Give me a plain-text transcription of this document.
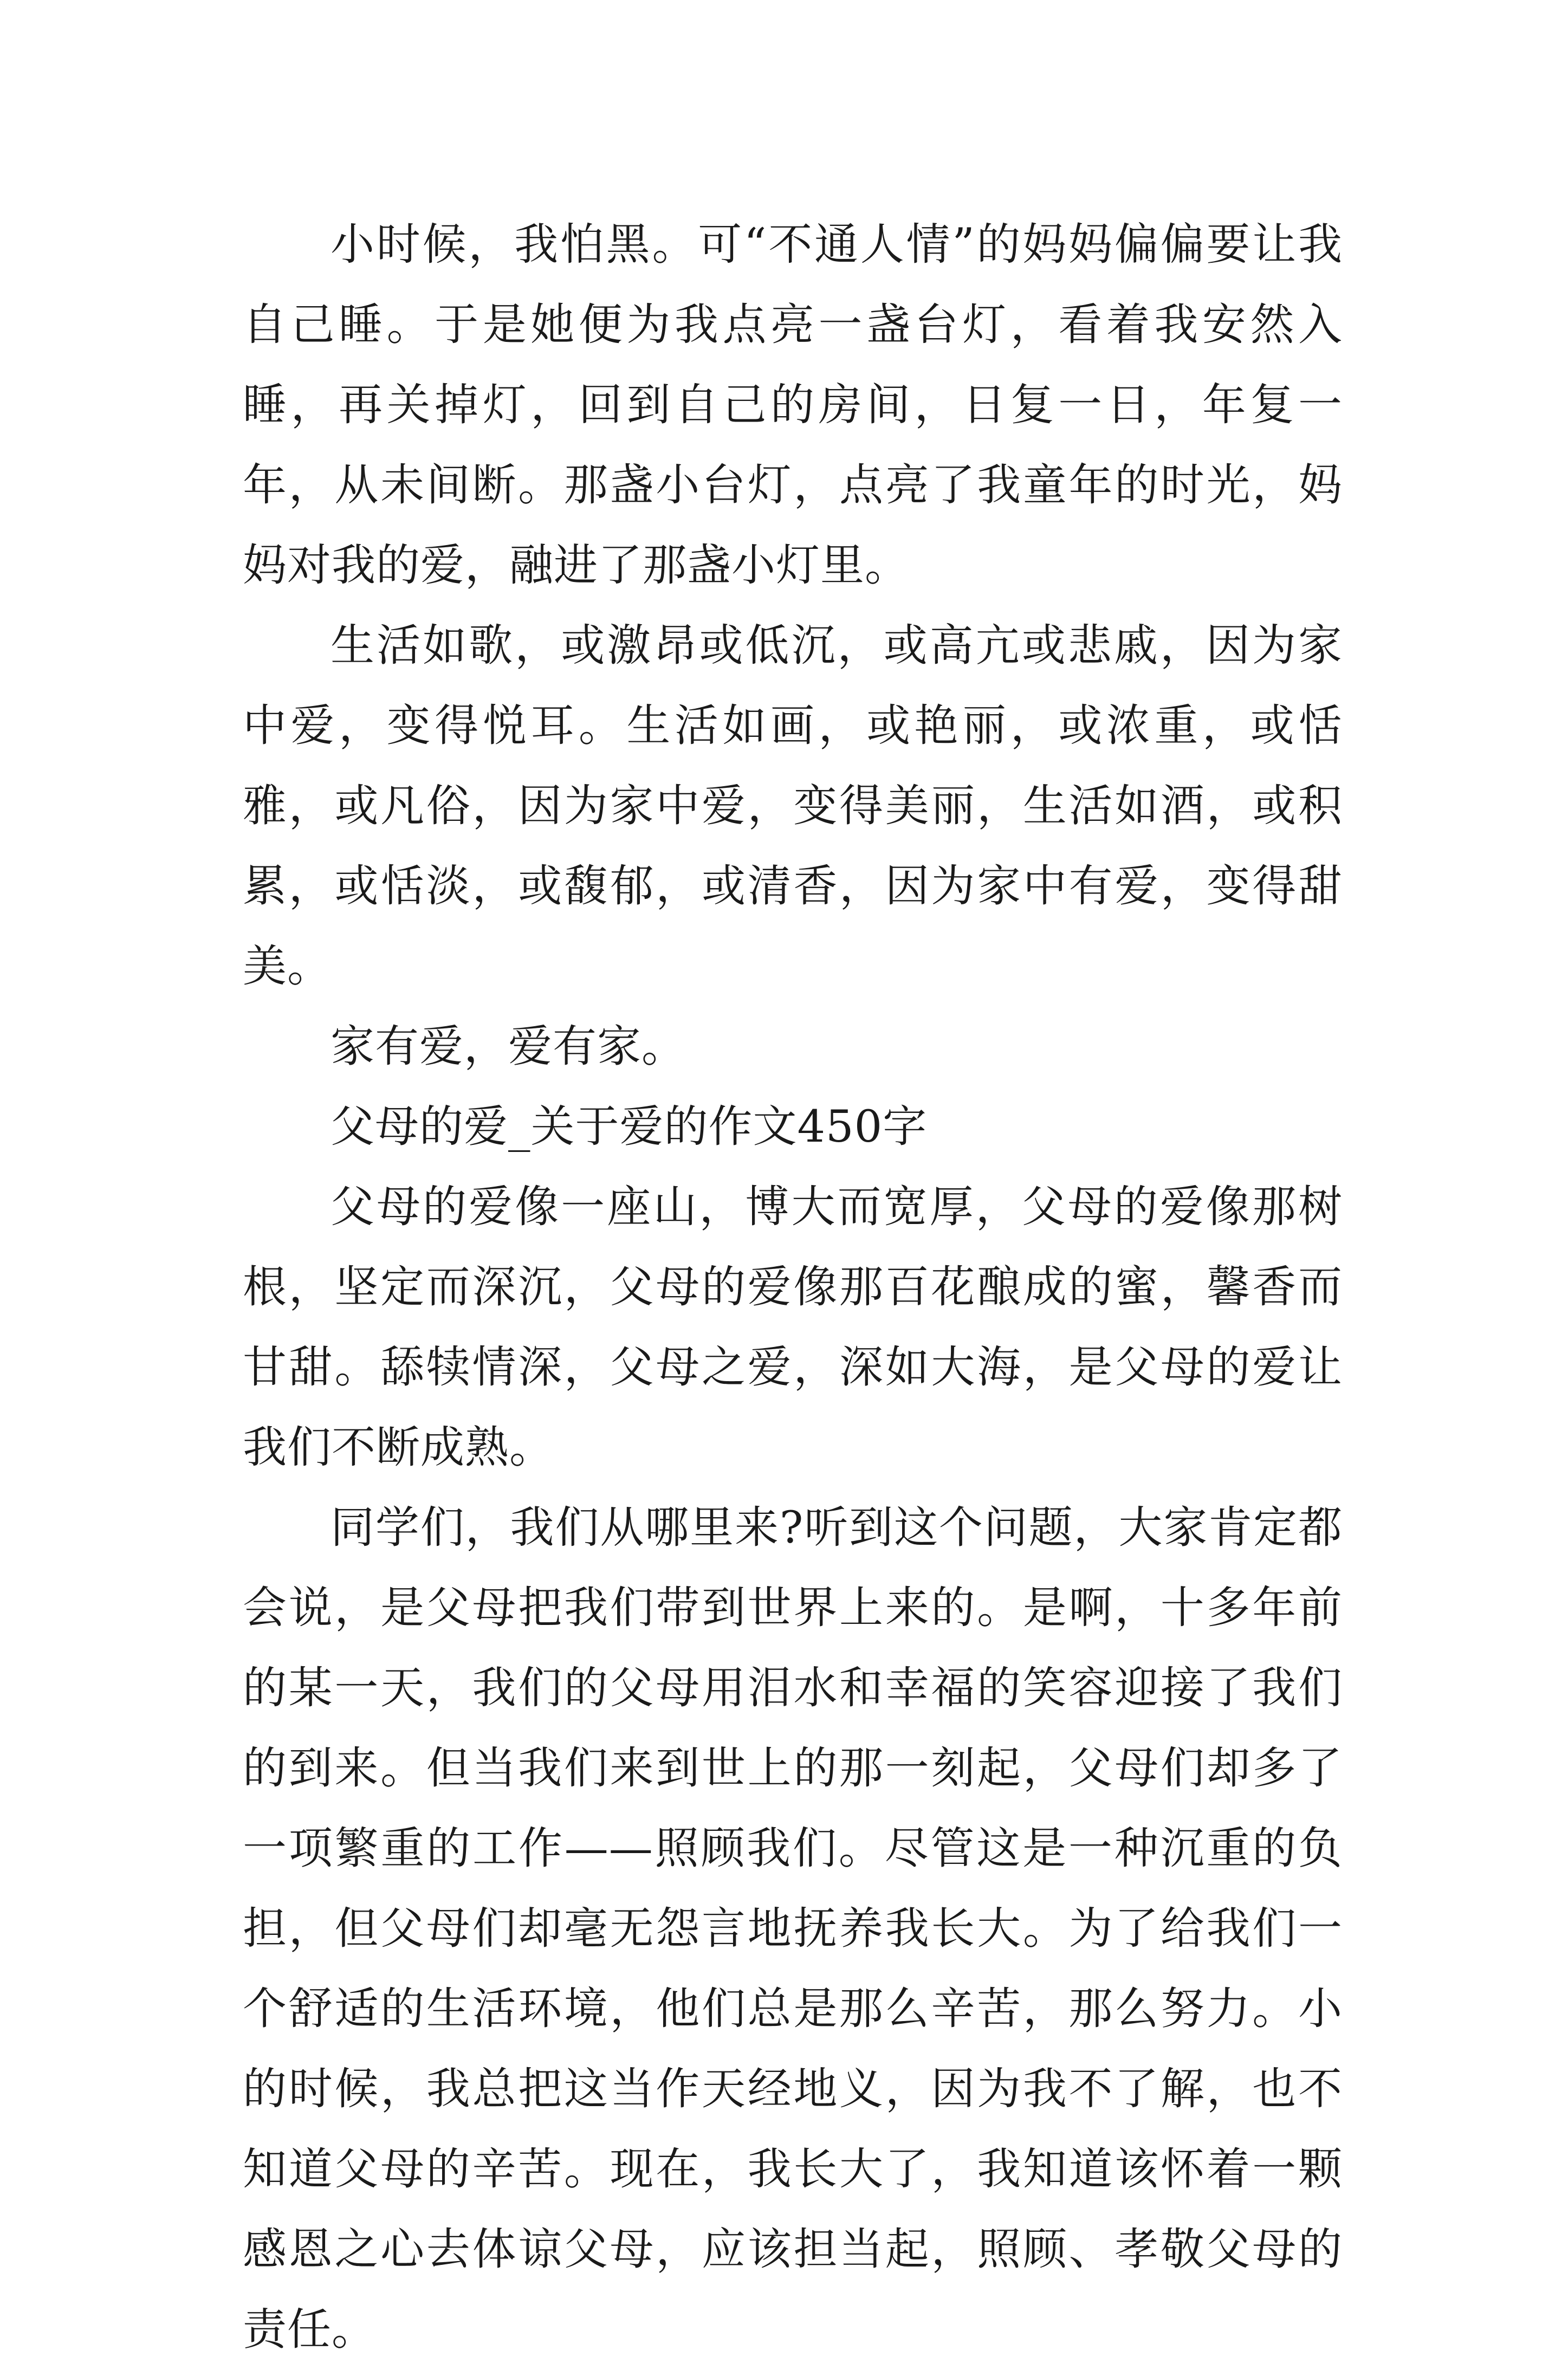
小时候，我怕黑。可“不通人情”的妈妈偏偏要让我自己睡。于是她便为我点亮一盏台灯，看着我安然入睡，再关掉灯，回到自己的房间，日复一日，年复一年，从未间断。那盏小台灯，点亮了我童年的时光，妈妈对我的爱，融进了那盏小灯里。

生活如歌，或激昂或低沉，或高亢或悲戚，因为家中爱，变得悦耳。生活如画，或艳丽，或浓重，或恬雅，或凡俗，因为家中爱，变得美丽，生活如酒，或积累，或恬淡，或馥郁，或清香，因为家中有爱，变得甜美。

家有爱，爱有家。

父母的爱_关于爱的作文450字

父母的爱像一座山，博大而宽厚，父母的爱像那树根，坚定而深沉，父母的爱像那百花酿成的蜜，馨香而甘甜。舔犊情深，父母之爱，深如大海，是父母的爱让我们不断成熟。

同学们，我们从哪里来?听到这个问题，大家肯定都会说，是父母把我们带到世界上来的。是啊，十多年前的某一天，我们的父母用泪水和幸福的笑容迎接了我们的到来。但当我们来到世上的那一刻起，父母们却多了一项繁重的工作——照顾我们。尽管这是一种沉重的负担，但父母们却毫无怨言地抚养我长大。为了给我们一个舒适的生活环境，他们总是那么辛苦，那么努力。小的时候，我总把这当作天经地义，因为我不了解，也不知道父母的辛苦。现在，我长大了，我知道该怀着一颗感恩之心去体谅父母，应该担当起，照顾、孝敬父母的责任。
